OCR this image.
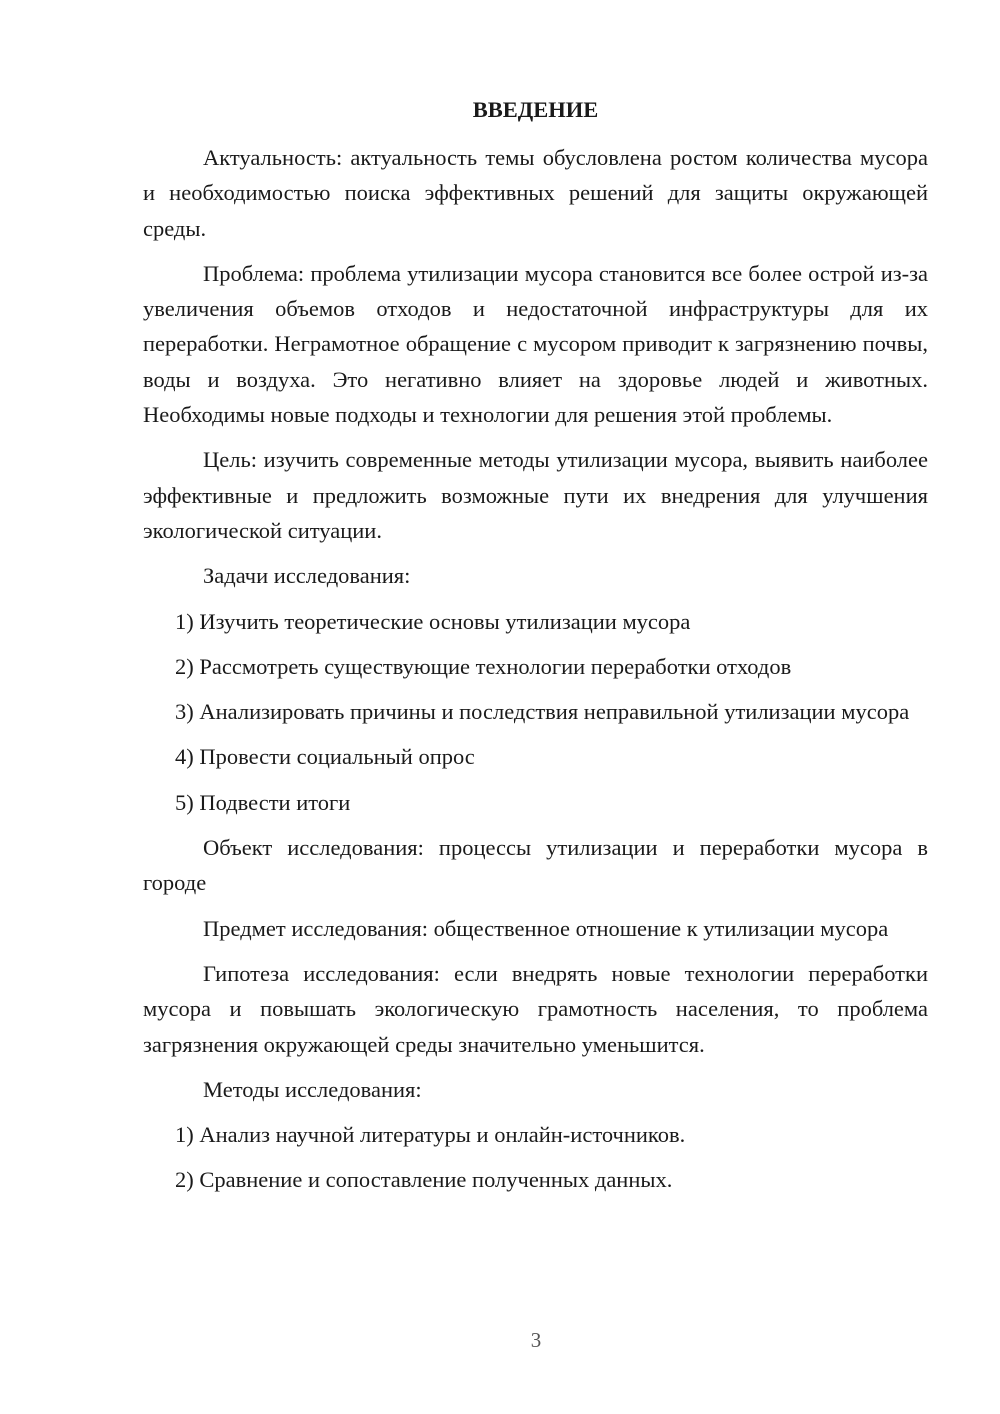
ВВЕДЕНИЕ

Актуальность: актуальность темы обусловлена ростом количества мусора и необходимостью поиска эффективных решений для защиты окружающей среды.

Проблема: проблема утилизации мусора становится все более острой из-за увеличения объемов отходов и недостаточной инфраструктуры для их переработки. Неграмотное обращение с мусором приводит к загрязнению почвы, воды и воздуха. Это негативно влияет на здоровье людей и животных. Необходимы новые подходы и технологии для решения этой проблемы.

Цель: изучить современные методы утилизации мусора, выявить наиболее эффективные и предложить возможные пути их внедрения для улучшения экологической ситуации.

Задачи исследования:

1) Изучить теоретические основы утилизации мусора

2) Рассмотреть существующие технологии переработки отходов

3) Анализировать причины и последствия неправильной утилизации мусора

4) Провести социальный опрос

5) Подвести итоги

Объект исследования: процессы утилизации и переработки мусора в городе

Предмет исследования: общественное отношение к утилизации мусора

Гипотеза исследования: если внедрять новые технологии переработки мусора и повышать экологическую грамотность населения, то проблема загрязнения окружающей среды значительно уменьшится.

Методы исследования:

1) Анализ научной литературы и онлайн-источников.

2) Сравнение и сопоставление полученных данных.

3
